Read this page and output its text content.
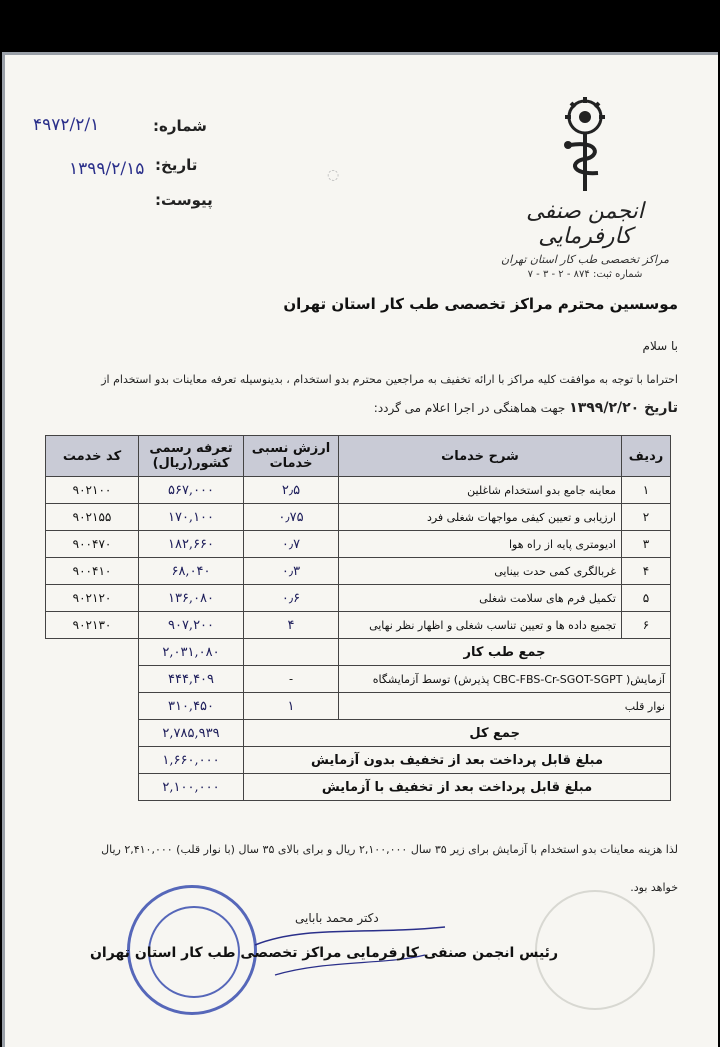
شماره:
۴۹۷۲/۲/۱
تاریخ:
۱۳۹۹/۲/۱۵
پیوست:
◌
انجمن صنفی کارفرمایی
مراکز تخصصی طب کار استان تهران
شماره ثبت: ۸۷۴ - ۲ - ۳ - ۷
موسسین محترم مراکز تخصصی طب کار استان تهران
با سلام
احتراما با توجه به موافقت کلیه مراکز با ارائه تخفیف به مراجعین محترم بدو استخدام ، بدینوسیله تعرفه معاینات بدو استخدام از
تاریخ ۱۳۹۹/۲/۲۰ جهت هماهنگی در اجرا اعلام می گردد:
ردیف	شرح خدمات	ارزش نسبی خدمات	تعرفه رسمی کشور(ریال)	کد خدمت
۱	معاینه جامع بدو استخدام شاغلین	۲٫۵	۵۶۷,۰۰۰	۹۰۲۱۰۰
۲	ارزیابی و تعیین کیفی مواجهات شغلی فرد	۰٫۷۵	۱۷۰,۱۰۰	۹۰۲۱۵۵
۳	ادیومتری پایه از راه هوا	۰٫۷	۱۸۲,۶۶۰	۹۰۰۴۷۰
۴	غربالگری کمی حدت بینایی	۰٫۳	۶۸,۰۴۰	۹۰۰۴۱۰
۵	تکمیل فرم های سلامت شغلی	۰٫۶	۱۳۶,۰۸۰	۹۰۲۱۲۰
۶	تجمیع داده ها و تعیین تناسب شغلی و اظهار نظر نهایی	۴	۹۰۷,۲۰۰	۹۰۲۱۳۰
جمع طب کار			۲,۰۳۱,۰۸۰	
آزمایش( CBC-FBS-Cr-SGOT-SGPT پذیرش) توسط آزمایشگاه		-	۴۴۴,۴۰۹	
نوار قلب		۱	۳۱۰,۴۵۰	
جمع کل			۲,۷۸۵,۹۳۹	
مبلغ قابل پرداخت بعد از تخفیف بدون آزمایش			۱,۶۶۰,۰۰۰	
مبلغ قابل پرداخت بعد از تخفیف با آزمایش			۲,۱۰۰,۰۰۰	
لذا هزینه معاینات بدو استخدام با آزمایش برای زیر ۳۵ سال ۲,۱۰۰,۰۰۰ ریال و برای بالای ۳۵ سال (با نوار قلب) ۲,۴۱۰,۰۰۰ ریال
خواهد بود.
دکتر محمد بابایی
رئیس انجمن صنفی کارفرمایی مراکز تخصصی طب کار استان تهران
